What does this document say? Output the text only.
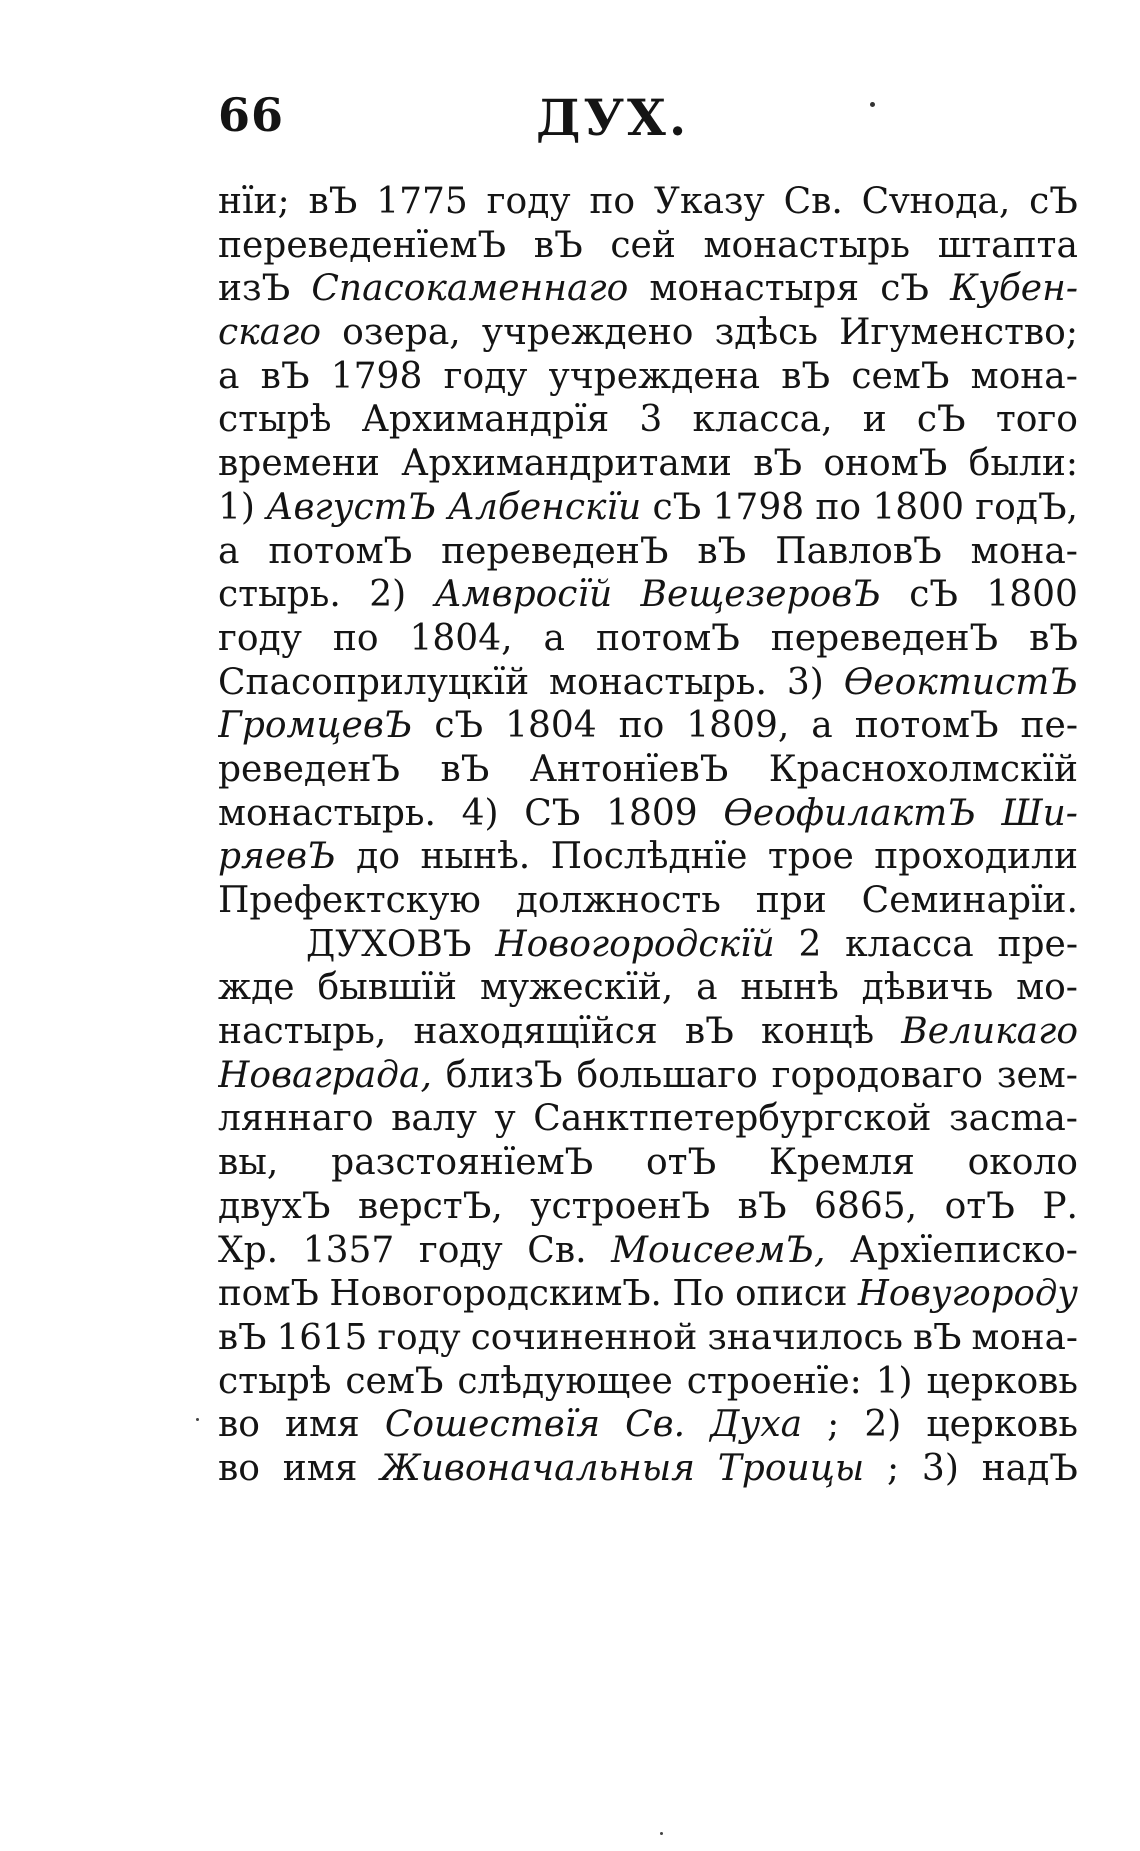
66	ДУХ.
нїи; вЪ 1775 году по Указу Св. Сvнода, сЪ
переведенїемЪ вЪ сей монастырь штапта
изЪ Спасокаменнаго монастыря сЪ Кубен-
скаго озера, учреждено здѣсь Игуменство;
а вЪ 1798 году учреждена вЪ семЪ мона-
стырѣ Архимандрїя 3 класса, и сЪ того
времени Архимандритами вЪ ономЪ были:
1) АвгустЪ Албенскїи сЪ 1798 по 1800 годЪ,
а потомЪ переведенЪ вЪ ПавловЪ мона-
стырь. 2) Амвросїй ВещезеровЪ сЪ 1800
году по 1804, а потомЪ переведенЪ вЪ
Спасоприлуцкїй монастырь. 3) ѲеоктистЪ
ГромцевЪ сЪ 1804 по 1809, а потомЪ пе-
реведенЪ вЪ АнтонїевЪ Краснохолмскїй
монастырь. 4) СЪ 1809 ѲеофилактЪ Ши-
ряевЪ до нынѣ. Послѣднїе трое проходили
Префектскую должность при Семинарїи.
ДУХОВЪ Новогородскїй 2 класса пре-
жде бывшїй мужескїй, а нынѣ дѣвичь мо-
настырь, находящїйся вЪ концѣ Великаго
Новаграда, близЪ большаго городоваго зем-
ляннаго валу у Санктпетербургской засmа-
вы, разстоянїемЪ отЪ Кремля около
двухЪ верстЪ, устроенЪ вЪ 6865, отЪ Р.
Хр. 1357 году Св. МоисеемЪ, Архїеписко-
помЪ НовогородскимЪ. По описи Новугороду
вЪ 1615 году сочиненной значилось вЪ мона-
стырѣ семЪ слѣдующее строенїе: 1) церковь
во имя Сошествїя Св. Духа ; 2) церковь
во имя Живоначальныя Троицы ; 3) надЪ
